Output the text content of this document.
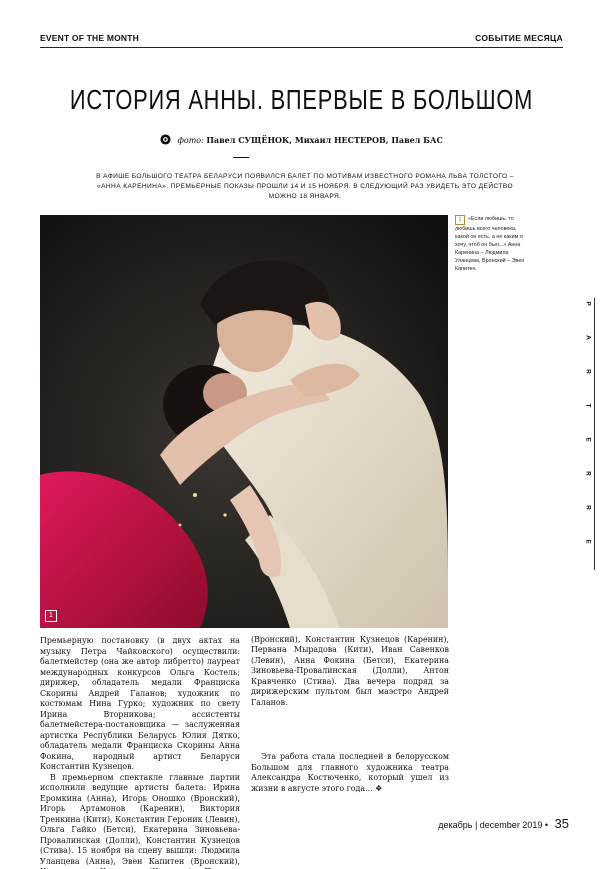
EVENT OF THE MONTH	СОБЫТИЕ МЕСЯЦА
ИСТОРИЯ АННЫ. ВПЕРВЫЕ В БОЛЬШОМ
фото: Павел СУЩЁНОК, Михаил НЕСТЕРОВ, Павел БАС
В АФИШЕ БОЛЬШОГО ТЕАТРА БЕЛАРУСИ ПОЯВИЛСЯ БАЛЕТ ПО МОТИВАМ ИЗВЕСТНОГО РОМАНА ЛЬВА ТОЛСТОГО – «АННА КАРЕНИНА». ПРЕМЬЕРНЫЕ ПОКАЗЫ ПРОШЛИ 14 И 15 НОЯБРЯ. В СЛЕДУЮЩИЙ РАЗ УВИДЕТЬ ЭТО ДЕЙСТВО МОЖНО 18 ЯНВАРЯ.
1
1 «Если любишь, то любишь всего человека, какой он есть, а не каким я хочу, чтоб он был...» Анна Каренина – Людмила Уланцева, Вронский – Эвен Капитен.
P
A
R
T
E
R
R
E

Премьерную постановку (в двух актах на музыку Петра Чайковского) осуществили: балетмейстер (она же автор либретто) лауреат международных конкурсов Ольга Костель; дирижер, обладатель медали Франциска Скорины Андрей Галанов; художник по костюмам Нина Гурко; художник по свету Ирина Вторникова; ассистенты балетмейстера-постановщика — заслуженная артистка Республики Беларусь Юлия Дятко, обладатель медали Франциска Скорины Анна Фокина, народный артист Беларуси Константин Кузнецов.

В премьерном спектакле главные партии исполнили ведущие артисты балета: Ирина Еромкина (Анна), Игорь Оношко (Вронский), Игорь Артамонов (Каренин), Виктория Тренкина (Кити), Константин Героник (Левин), Ольга Гайко (Бетси), Екатерина Зиновьева-Провалинская (Долли), Константин Кузнецов (Стива). 15 ноября на сцену вышли: Людмила Уланцева (Анна), Эвен Капитен (Вронский),

(Вронский), Константин Кузнецов (Каренин), Первана Мырадова (Кити), Иван Савенков (Левин), Анна Фокина (Бетси), Екатерина Зиновьева-Провалинская (Долли), Антон Кравченко (Стива). Два вечера подряд за дирижерским пультом был маэстро Андрей Галанов.

Эта работа стала последней в белорусском Большом для главного художника театра Александра Костюченко, который ушел из жизни в августе этого года... ❖

декабрь | december 2019 • 35
